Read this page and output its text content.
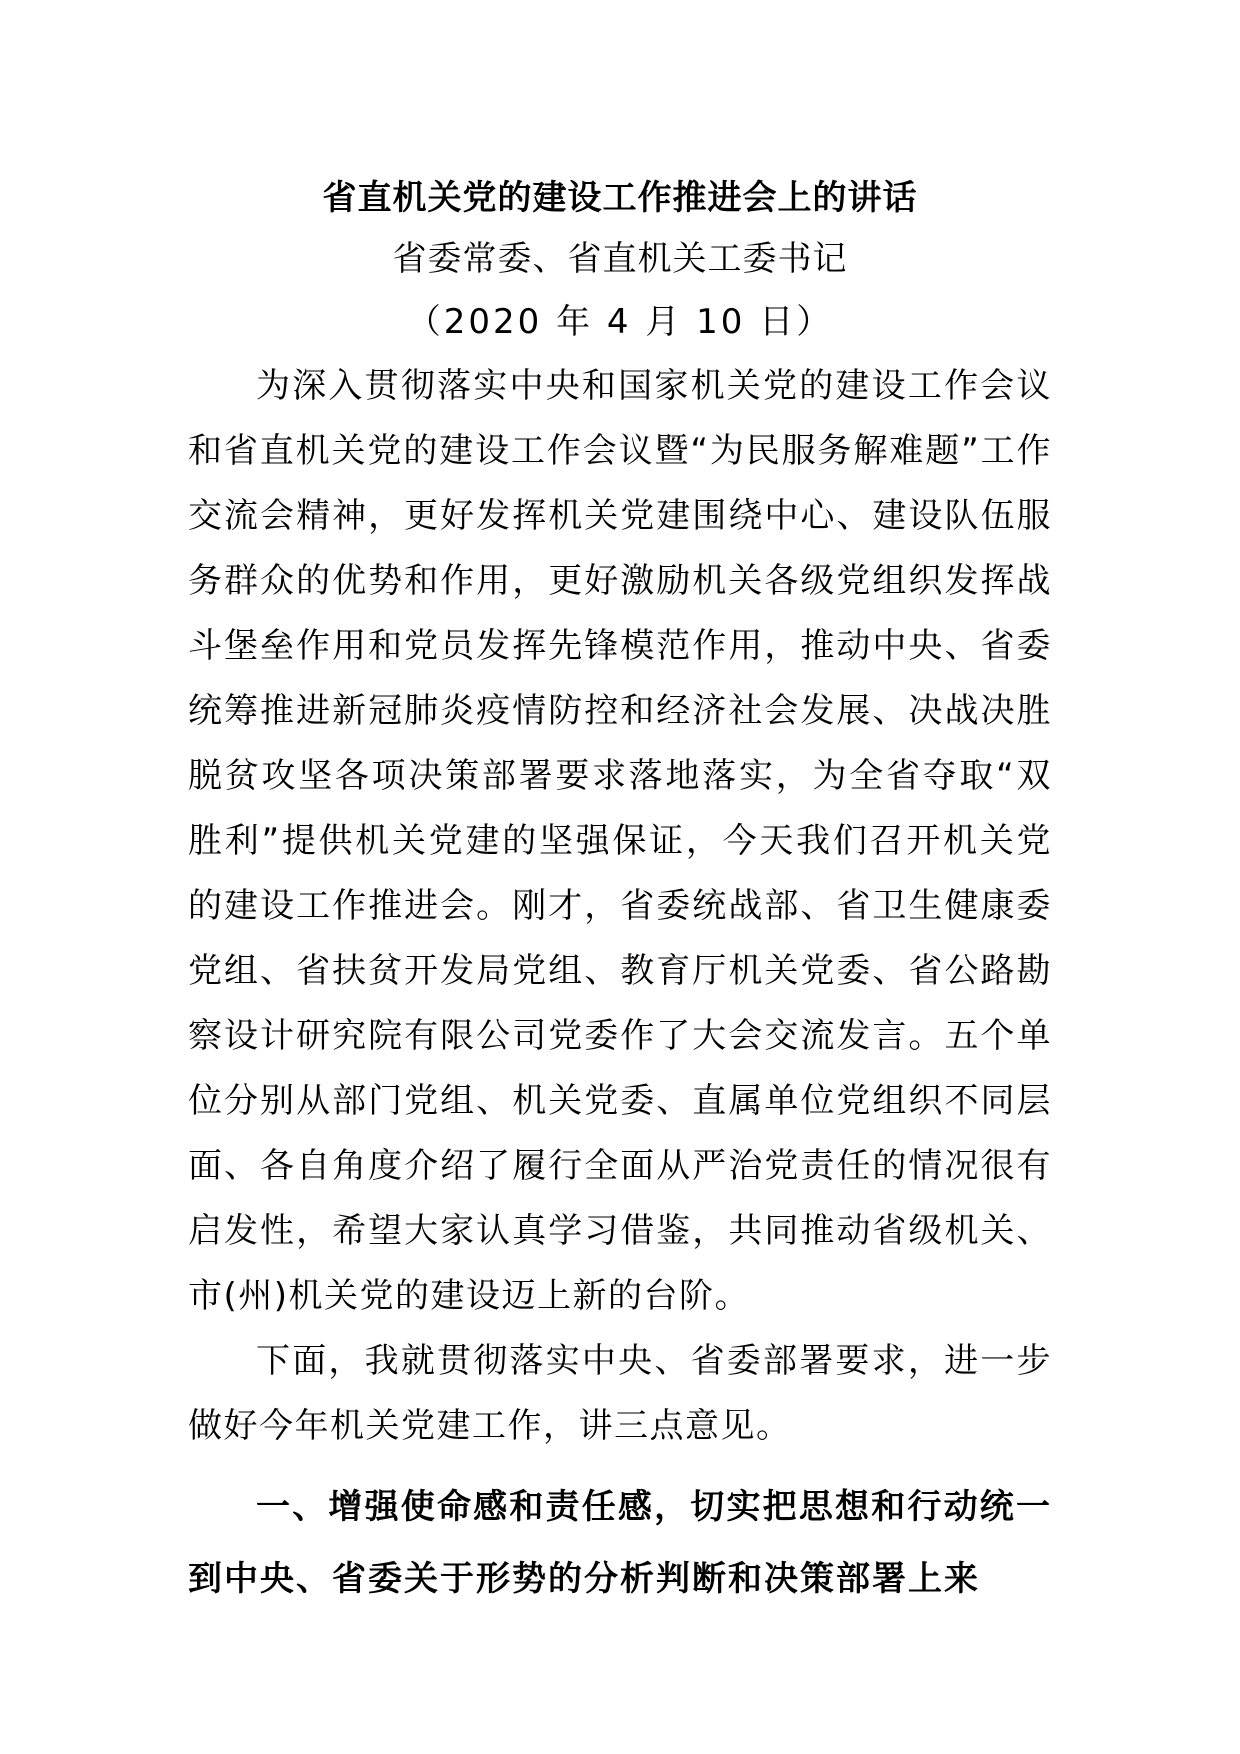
省直机关党的建设工作推进会上的讲话

省委常委、省直机关工委书记

（2020 年 4 月 10 日）

为深入贯彻落实中央和国家机关党的建设工作会议和省直机关党的建设工作会议暨“为民服务解难题”工作交流会精神，更好发挥机关党建围绕中心、建设队伍服务群众的优势和作用，更好激励机关各级党组织发挥战斗堡垒作用和党员发挥先锋模范作用，推动中央、省委统筹推进新冠肺炎疫情防控和经济社会发展、决战决胜脱贫攻坚各项决策部署要求落地落实，为全省夺取“双胜利”提供机关党建的坚强保证，今天我们召开机关党的建设工作推进会。刚才，省委统战部、省卫生健康委党组、省扶贫开发局党组、教育厅机关党委、省公路勘察设计研究院有限公司党委作了大会交流发言。五个单位分别从部门党组、机关党委、直属单位党组织不同层面、各自角度介绍了履行全面从严治党责任的情况很有启发性，希望大家认真学习借鉴，共同推动省级机关、市(州)机关党的建设迈上新的台阶。

下面，我就贯彻落实中央、省委部署要求，进一步做好今年机关党建工作，讲三点意见。

一、增强使命感和责任感，切实把思想和行动统一到中央、省委关于形势的分析判断和决策部署上来
